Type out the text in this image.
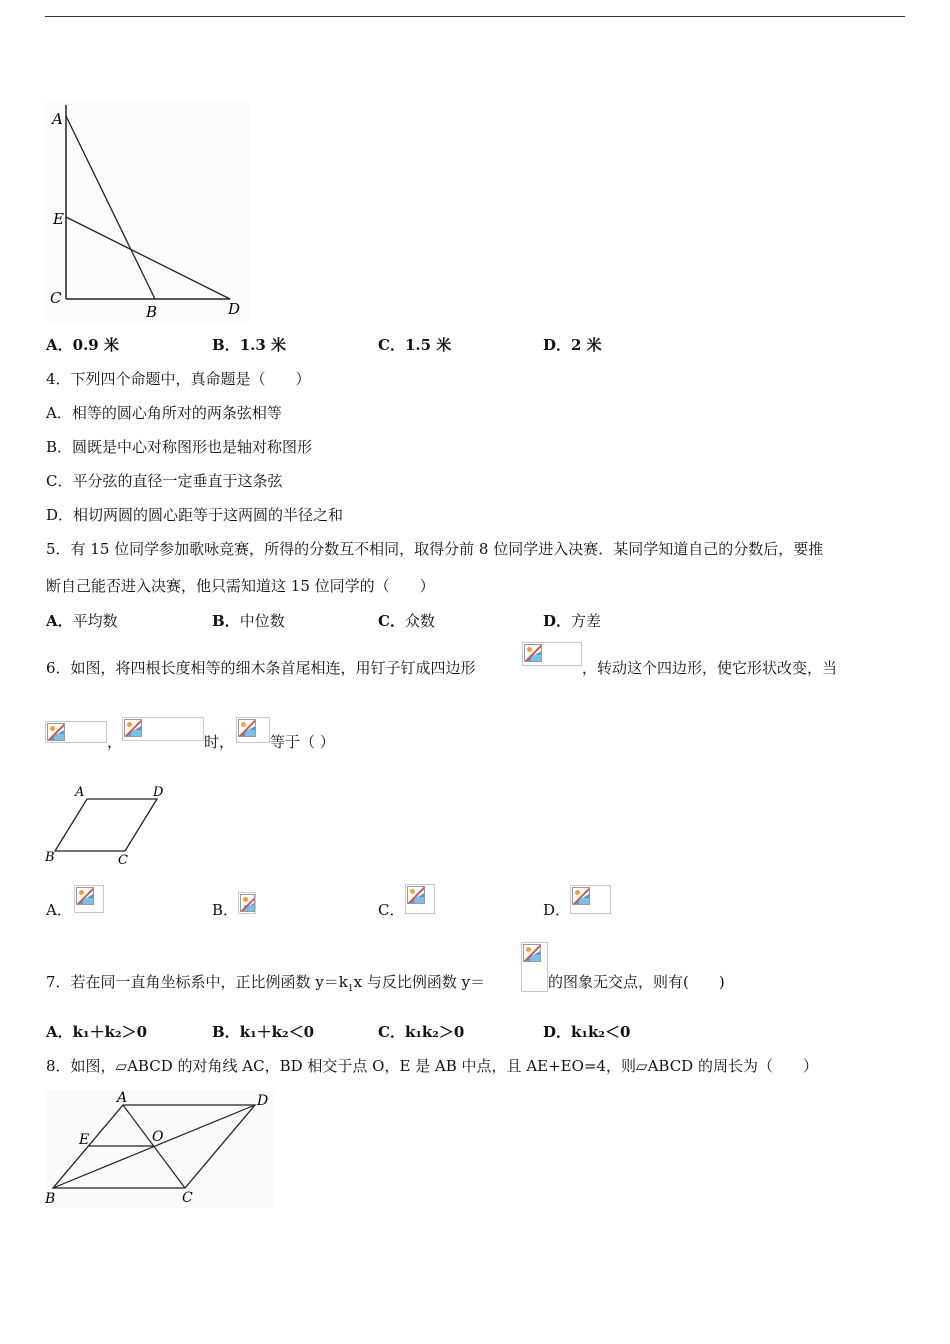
A
E
C
B	D
A．0.9 米	B．1.3 米	C．1.5 米	D．2 米
4．下列四个命题中，真命题是（　　）
A．相等的圆心角所对的两条弦相等
B．圆既是中心对称图形也是轴对称图形
C．平分弦的直径一定垂直于这条弦
D．相切两圆的圆心距等于这两圆的半径之和
5．有 15 位同学参加歌咏竞赛，所得的分数互不相同，取得分前 8 位同学进入决赛．某同学知道自己的分数后，要推
断自己能否进入决赛，他只需知道这 15 位同学的（　　）
A．平均数	B．中位数	C．众数	D．方差
6．如图，将四根长度相等的细木条首尾相连，用钉子钉成四边形	，转动这个四边形，使它形状改变，当
，	时， 等于（ ）
A	D
B	C
A．	B．	C．	D．
7．若在同一直角坐标系中，正比例函数 $y=k_1x$ 与反比例函数 y＝	的图象无交点，则有(　　)
A．k₁＋k₂＞0	B．k₁＋k₂＜0	C．k₁k₂＞0	D．k₁k₂＜0
8．如图，▱ABCD 的对角线 AC，BD 相交于点 O，E 是 AB 中点，且 AE+EO=4，则▱ABCD 的周长为（　　）
A	D
E	O
B	C
